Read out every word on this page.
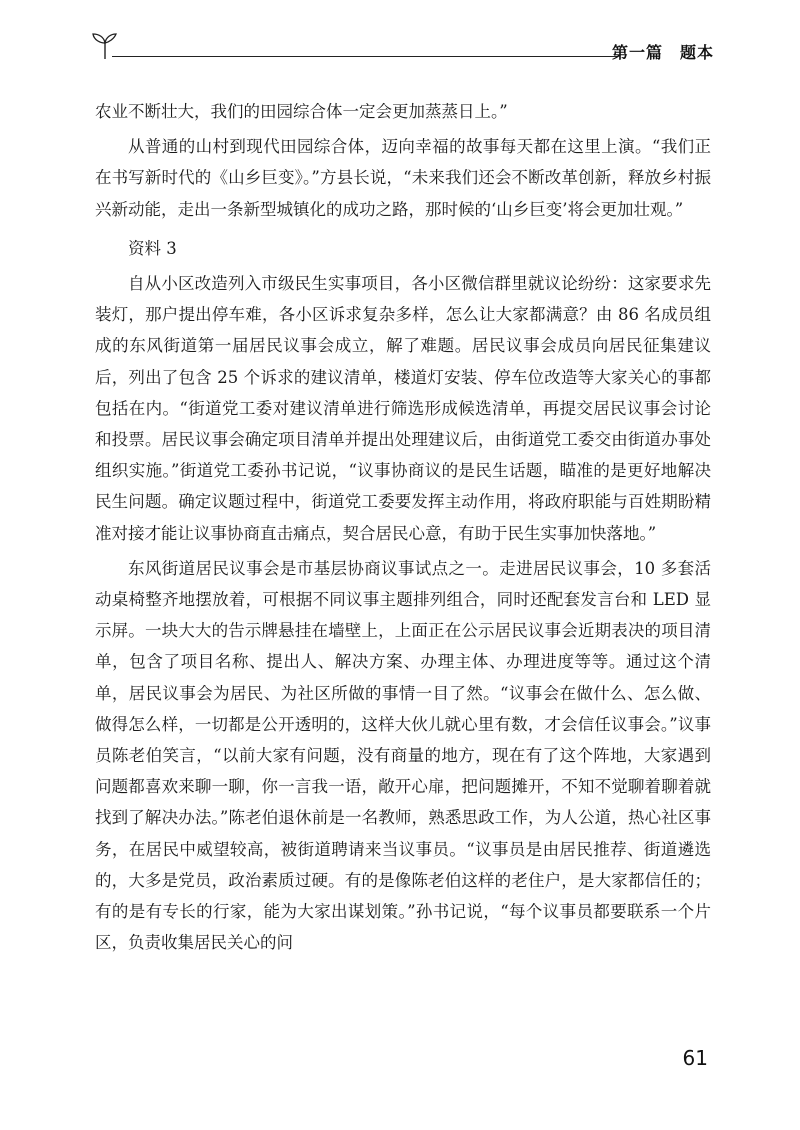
第一篇　题本

农业不断壮大，我们的田园综合体一定会更加蒸蒸日上。”

从普通的山村到现代田园综合体，迈向幸福的故事每天都在这里上演。“我们正在书写新时代的《山乡巨变》。”方县长说，“未来我们还会不断改革创新，释放乡村振兴新动能，走出一条新型城镇化的成功之路，那时候的‘山乡巨变’将会更加壮观。”

资料 3

自从小区改造列入市级民生实事项目，各小区微信群里就议论纷纷：这家要求先装灯，那户提出停车难，各小区诉求复杂多样，怎么让大家都满意？由 86 名成员组成的东风街道第一届居民议事会成立，解了难题。居民议事会成员向居民征集建议后，列出了包含 25 个诉求的建议清单，楼道灯安装、停车位改造等大家关心的事都包括在内。“街道党工委对建议清单进行筛选形成候选清单，再提交居民议事会讨论和投票。居民议事会确定项目清单并提出处理建议后，由街道党工委交由街道办事处组织实施。”街道党工委孙书记说，“议事协商议的是民生话题，瞄准的是更好地解决民生问题。确定议题过程中，街道党工委要发挥主动作用，将政府职能与百姓期盼精准对接才能让议事协商直击痛点，契合居民心意，有助于民生实事加快落地。”

东风街道居民议事会是市基层协商议事试点之一。走进居民议事会，10 多套活动桌椅整齐地摆放着，可根据不同议事主题排列组合，同时还配套发言台和 LED 显示屏。一块大大的告示牌悬挂在墙壁上，上面正在公示居民议事会近期表决的项目清单，包含了项目名称、提出人、解决方案、办理主体、办理进度等等。通过这个清单，居民议事会为居民、为社区所做的事情一目了然。“议事会在做什么、怎么做、做得怎么样，一切都是公开透明的，这样大伙儿就心里有数，才会信任议事会。”议事员陈老伯笑言，“以前大家有问题，没有商量的地方，现在有了这个阵地，大家遇到问题都喜欢来聊一聊，你一言我一语，敞开心扉，把问题摊开，不知不觉聊着聊着就找到了解决办法。”陈老伯退休前是一名教师，熟悉思政工作，为人公道，热心社区事务，在居民中威望较高，被街道聘请来当议事员。“议事员是由居民推荐、街道遴选的，大多是党员，政治素质过硬。有的是像陈老伯这样的老住户，是大家都信任的；有的是有专长的行家，能为大家出谋划策。”孙书记说，“每个议事员都要联系一个片区，负责收集居民关心的问

61
